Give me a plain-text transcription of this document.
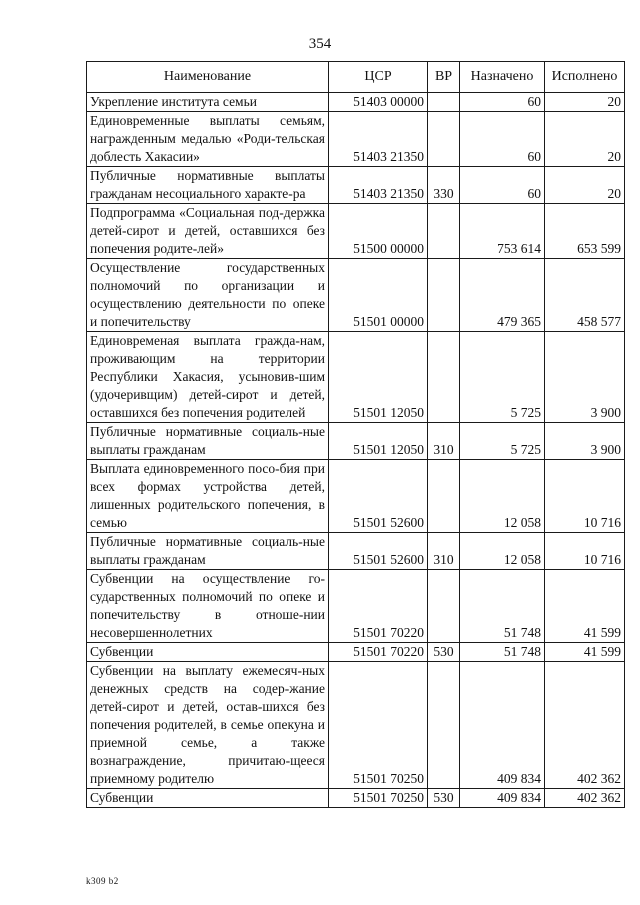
354
Наименование	ЦСР	ВР	Назначено	Исполнено
Укрепление института семьи	51403 00000		60	20
Единовременные выплаты семьям, награжденным медалью «Роди-тельская доблесть Хакасии»	51403 21350		60	20
Публичные нормативные выплаты гражданам несоциального характе-ра	51403 21350	330	60	20
Подпрограмма «Социальная под-держка детей-сирот и детей, оставшихся без попечения родите-лей»	51500 00000		753 614	653 599
Осуществление государственных полномочий по организации и осуществлению деятельности по опеке и попечительству	51501 00000		479 365	458 577
Единовременая выплата гражда-нам, проживающим на территории Республики Хакасия, усыновив-шим (удочеривщим) детей-сирот и детей, оставшихся без попечения родителей	51501 12050		5 725	3 900
Публичные нормативные социаль-ные выплаты гражданам	51501 12050	310	5 725	3 900
Выплата единовременного посо-бия при всех формах устройства детей, лишенных родительского попечения, в семью	51501 52600		12 058	10 716
Публичные нормативные социаль-ные выплаты гражданам	51501 52600	310	12 058	10 716
Субвенции на осуществление го-сударственных полномочий по опеке и попечительству в отноше-нии несовершеннолетних	51501 70220		51 748	41 599
Субвенции	51501 70220	530	51 748	41 599
Субвенции на выплату ежемесяч-ных денежных средств на содер-жание детей-сирот и детей, остав-шихся без попечения родителей, в семье опекуна и приемной семье, а также вознаграждение, причитаю-щееся приемному родителю	51501 70250		409 834	402 362
Субвенции	51501 70250	530	409 834	402 362
k309 b2
